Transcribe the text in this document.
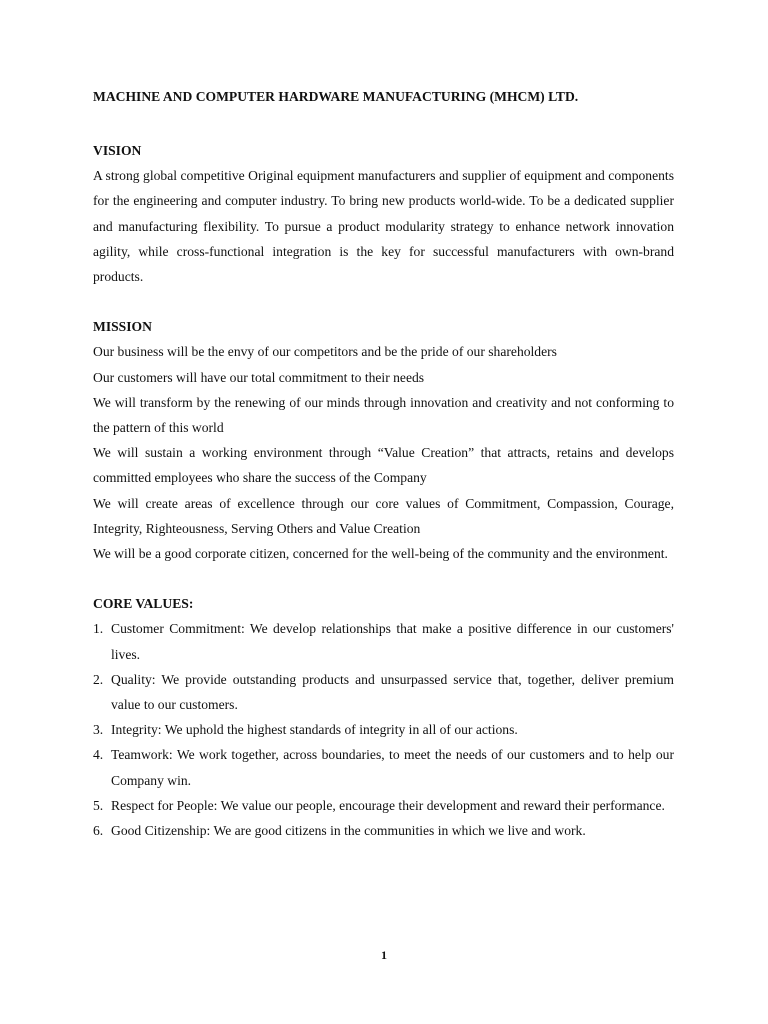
MACHINE AND COMPUTER HARDWARE MANUFACTURING (MHCM) LTD.

VISION

A strong global competitive Original equipment manufacturers and supplier of equipment and components for the engineering and computer industry. To bring new products world-wide. To be a dedicated supplier and manufacturing flexibility. To pursue a product modularity strategy to enhance network innovation agility, while cross-functional integration is the key for successful manufacturers with own-brand products.

MISSION

Our business will be the envy of our competitors and be the pride of our shareholders
Our customers will have our total commitment to their needs
We will transform by the renewing of our minds through innovation and creativity and not conforming to the pattern of this world
We will sustain a working environment through “Value Creation” that attracts, retains and develops committed employees who share the success of the Company
We will create areas of excellence through our core values of Commitment, Compassion, Courage, Integrity, Righteousness, Serving Others and Value Creation
We will be a good corporate citizen, concerned for the well-being of the community and the environment.

CORE VALUES:

1. Customer Commitment: We develop relationships that make a positive difference in our customers' lives.
2. Quality: We provide outstanding products and unsurpassed service that, together, deliver premium value to our customers.
3. Integrity: We uphold the highest standards of integrity in all of our actions.
4. Teamwork: We work together, across boundaries, to meet the needs of our customers and to help our Company win.
5. Respect for People: We value our people, encourage their development and reward their performance.
6. Good Citizenship: We are good citizens in the communities in which we live and work.
1
